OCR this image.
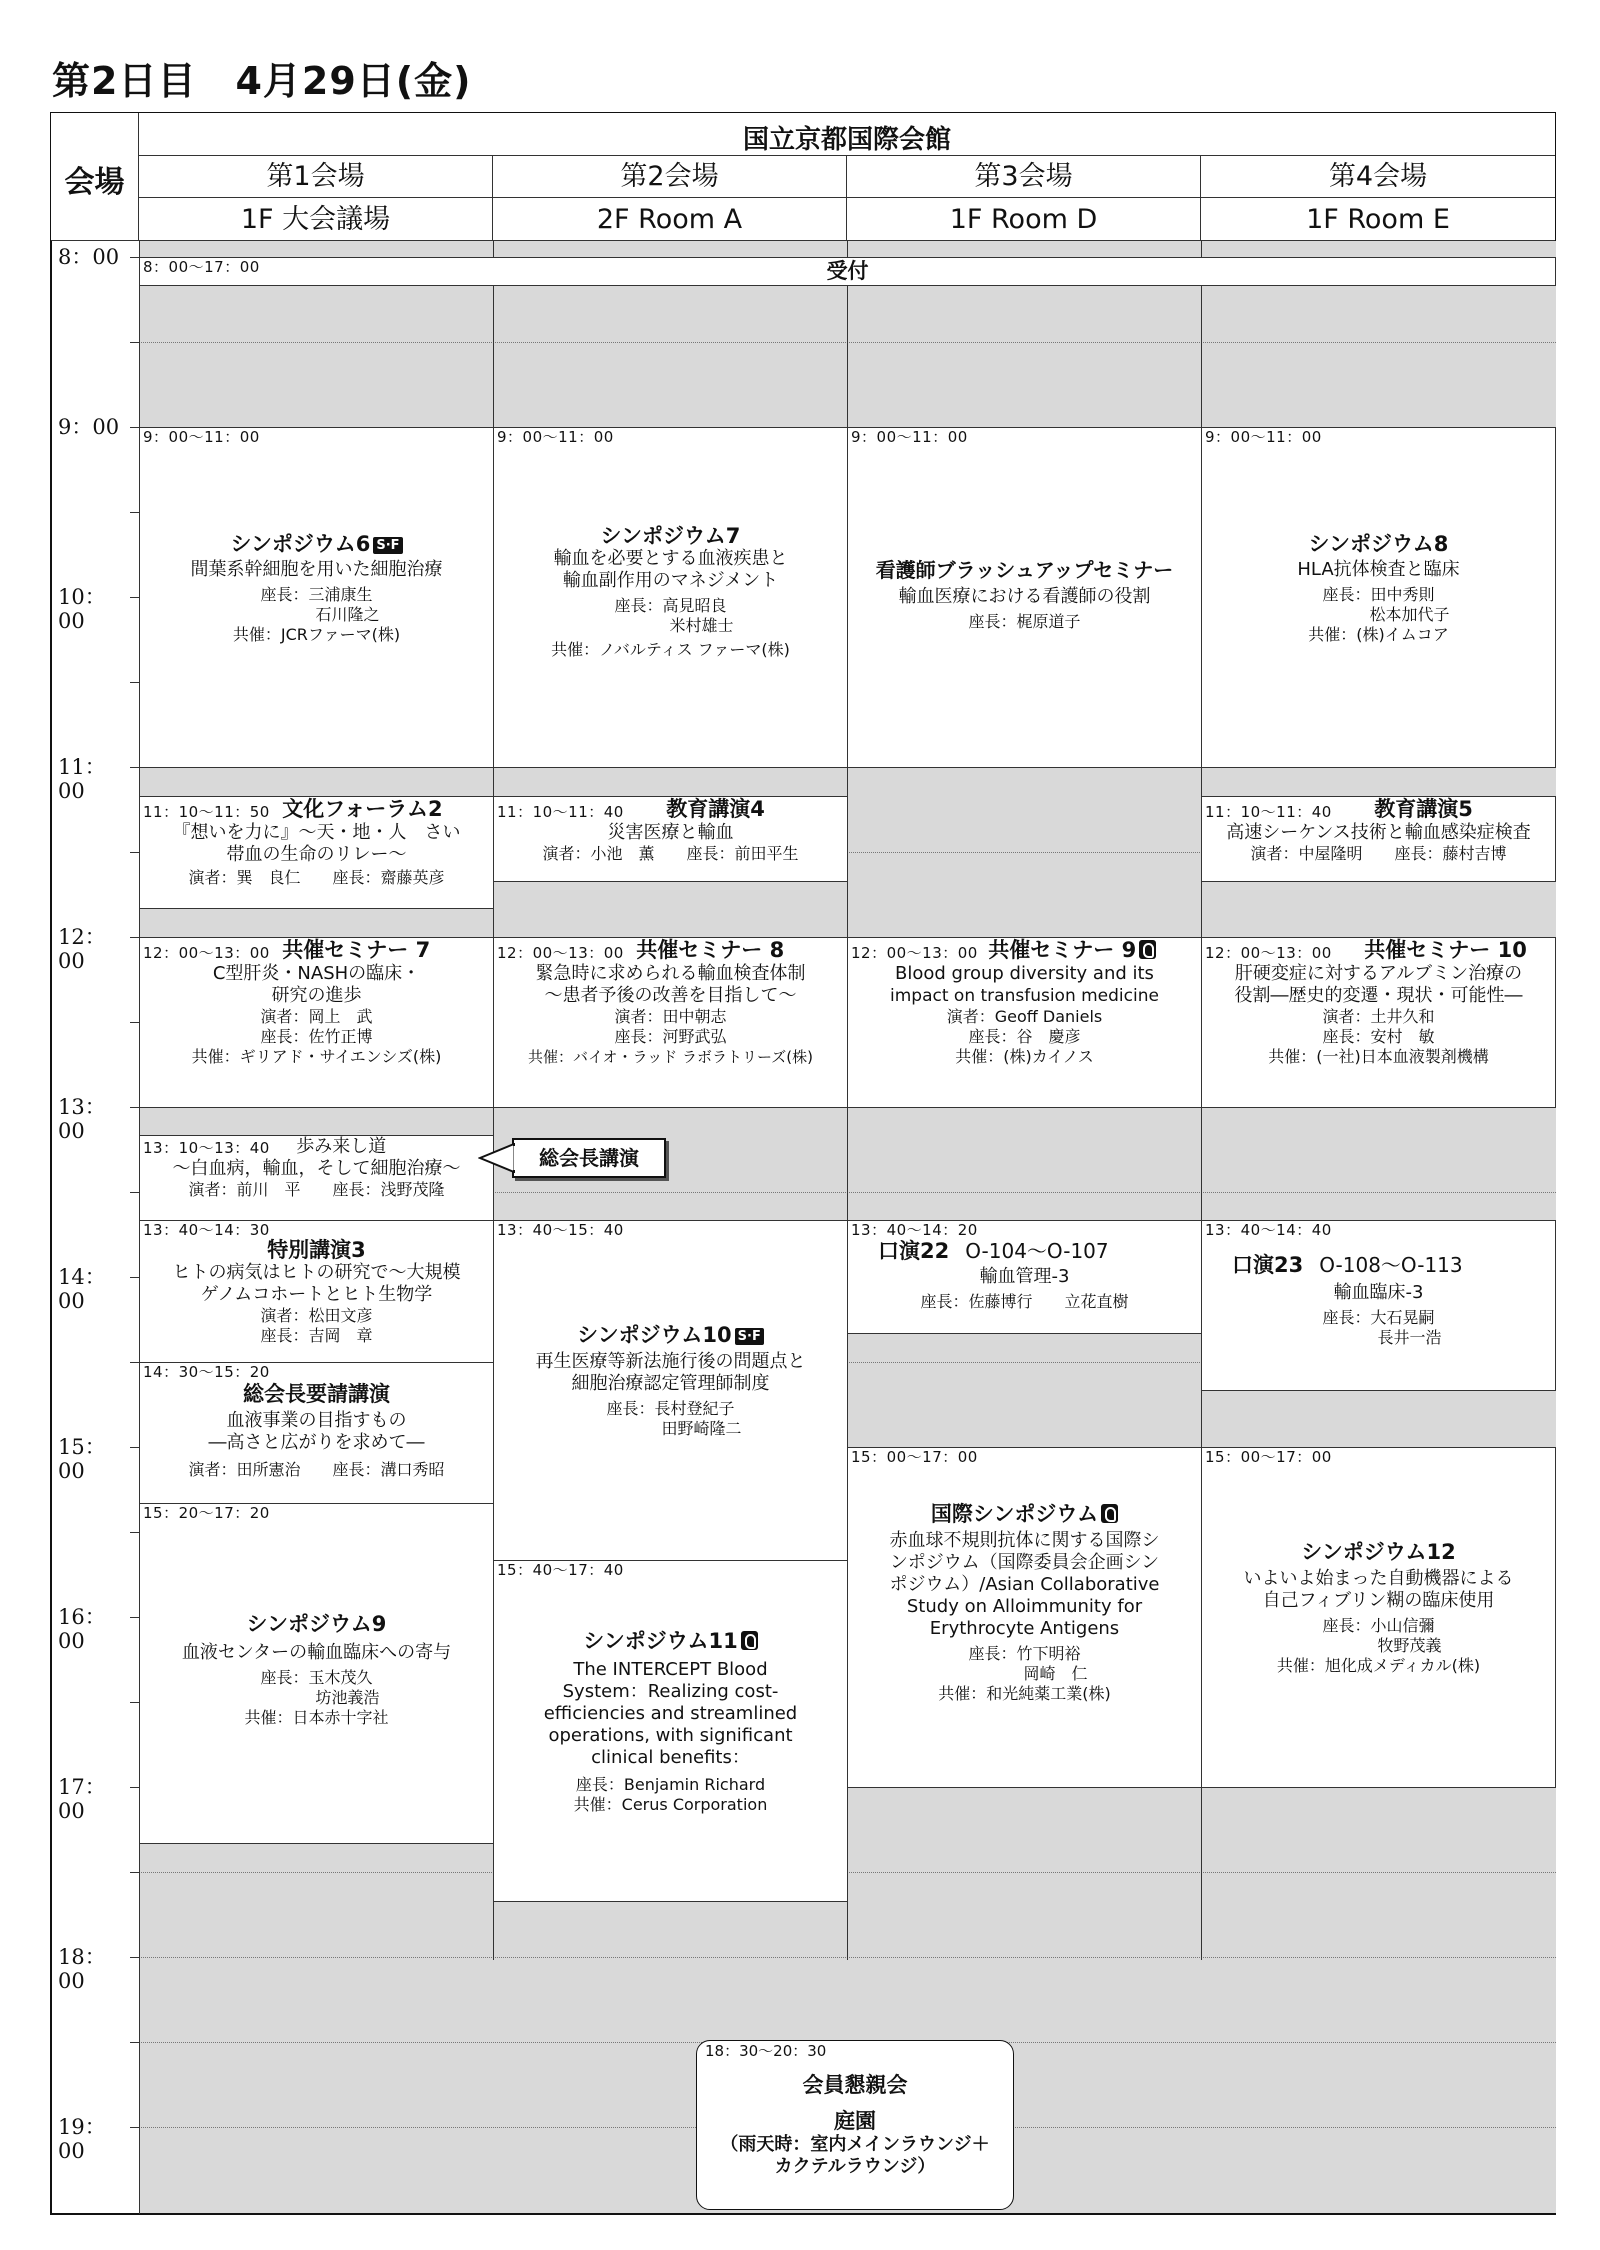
第2日目　4月29日(金)
会場
国立京都国際会館
第1会場
1F 大会議場
第2会場
2F Room A
第3会場
1F Room D
第4会場
1F Room E
8：00
9：00
10：00
11：00
12：00
13：00
14：00
15：00
16：00
17：00
18：00
19：00
8：00～17：00	受付
9：00～11：00
シンポジウム6 S·F
間葉系幹細胞を用いた細胞治療
座長：三浦康生
石川隆之
共催：JCRファーマ(株)
11：10～11：50 文化フォーラム2
『想いを力に』～天・地・人　さい
帯血の生命のリレー～
演者：巽　良仁　　座長：齋藤英彦
12：00～13：00 共催セミナー 7
C型肝炎・NASHの臨床・
研究の進歩
演者：岡上　武
座長：佐竹正博
共催：ギリアド・サイエンシズ(株)
13：10～13：40 歩み来し道
～白血病，輸血，そして細胞治療～
演者：前川　平　　座長：浅野茂隆
総会長講演
13：40～14：30
特別講演3
ヒトの病気はヒトの研究で～大規模
ゲノムコホートとヒト生物学
演者：松田文彦
座長：吉岡　章
14：30～15：20
総会長要請講演
血液事業の目指すもの
―高さと広がりを求めて―
演者：田所憲治　　座長：溝口秀昭
15：20～17：20
シンポジウム9
血液センターの輸血臨床への寄与
座長：玉木茂久
坊池義浩
共催：日本赤十字社
9：00～11：00
シンポジウム7
輸血を必要とする血液疾患と
輸血副作用のマネジメント
座長：高見昭良
米村雄士
共催：ノバルティス ファーマ(株)
11：10～11：40 教育講演4
災害医療と輸血
演者：小池　薫　　座長：前田平生
12：00～13：00 共催セミナー 8
緊急時に求められる輸血検査体制
～患者予後の改善を目指して～
演者：田中朝志
座長：河野武弘
共催：バイオ・ラッド ラボラトリーズ(株)
13：40～15：40
シンポジウム10 S·F
再生医療等新法施行後の問題点と
細胞治療認定管理師制度
座長：長村登紀子
田野崎隆二
15：40～17：40
シンポジウム11
The INTERCEPT Blood
System：Realizing cost-
efficiencies and streamlined
operations, with significant
clinical benefits：
座長：Benjamin Richard
共催：Cerus Corporation
9：00～11：00
看護師ブラッシュアップセミナー
輸血医療における看護師の役割
座長：梶原道子
12：00～13：00 共催セミナー 9
Blood group diversity and its
impact on transfusion medicine
演者：Geoff Daniels
座長：谷　慶彦
共催：(株)カイノス
13：40～14：20
口演22 O-104～O-107
輸血管理-3
座長：佐藤博行　　立花直樹
15：00～17：00
国際シンポジウム
赤血球不規則抗体に関する国際シ
ンポジウム（国際委員会企画シン
ポジウム）/Asian Collaborative
Study on Alloimmunity for
Erythrocyte Antigens
座長：竹下明裕
岡崎　仁
共催：和光純薬工業(株)
9：00～11：00
シンポジウム8
HLA抗体検査と臨床
座長：田中秀則
松本加代子
共催：(株)イムコア
11：10～11：40 教育講演5
高速シーケンス技術と輸血感染症検査
演者：中屋隆明　　座長：藤村吉博
12：00～13：00 共催セミナー 10
肝硬変症に対するアルブミン治療の
役割―歴史的変遷・現状・可能性―
演者：土井久和
座長：安村　敏
共催：(一社)日本血液製剤機構
13：40～14：40
口演23 O-108～O-113
輸血臨床-3
座長：大石晃嗣
長井一浩
15：00～17：00
シンポジウム12
いよいよ始まった自動機器による
自己フィブリン糊の臨床使用
座長：小山信彌
牧野茂義
共催：旭化成メディカル(株)
18：30～20：30
会員懇親会
庭園
（雨天時：室内メインラウンジ＋
カクテルラウンジ）
